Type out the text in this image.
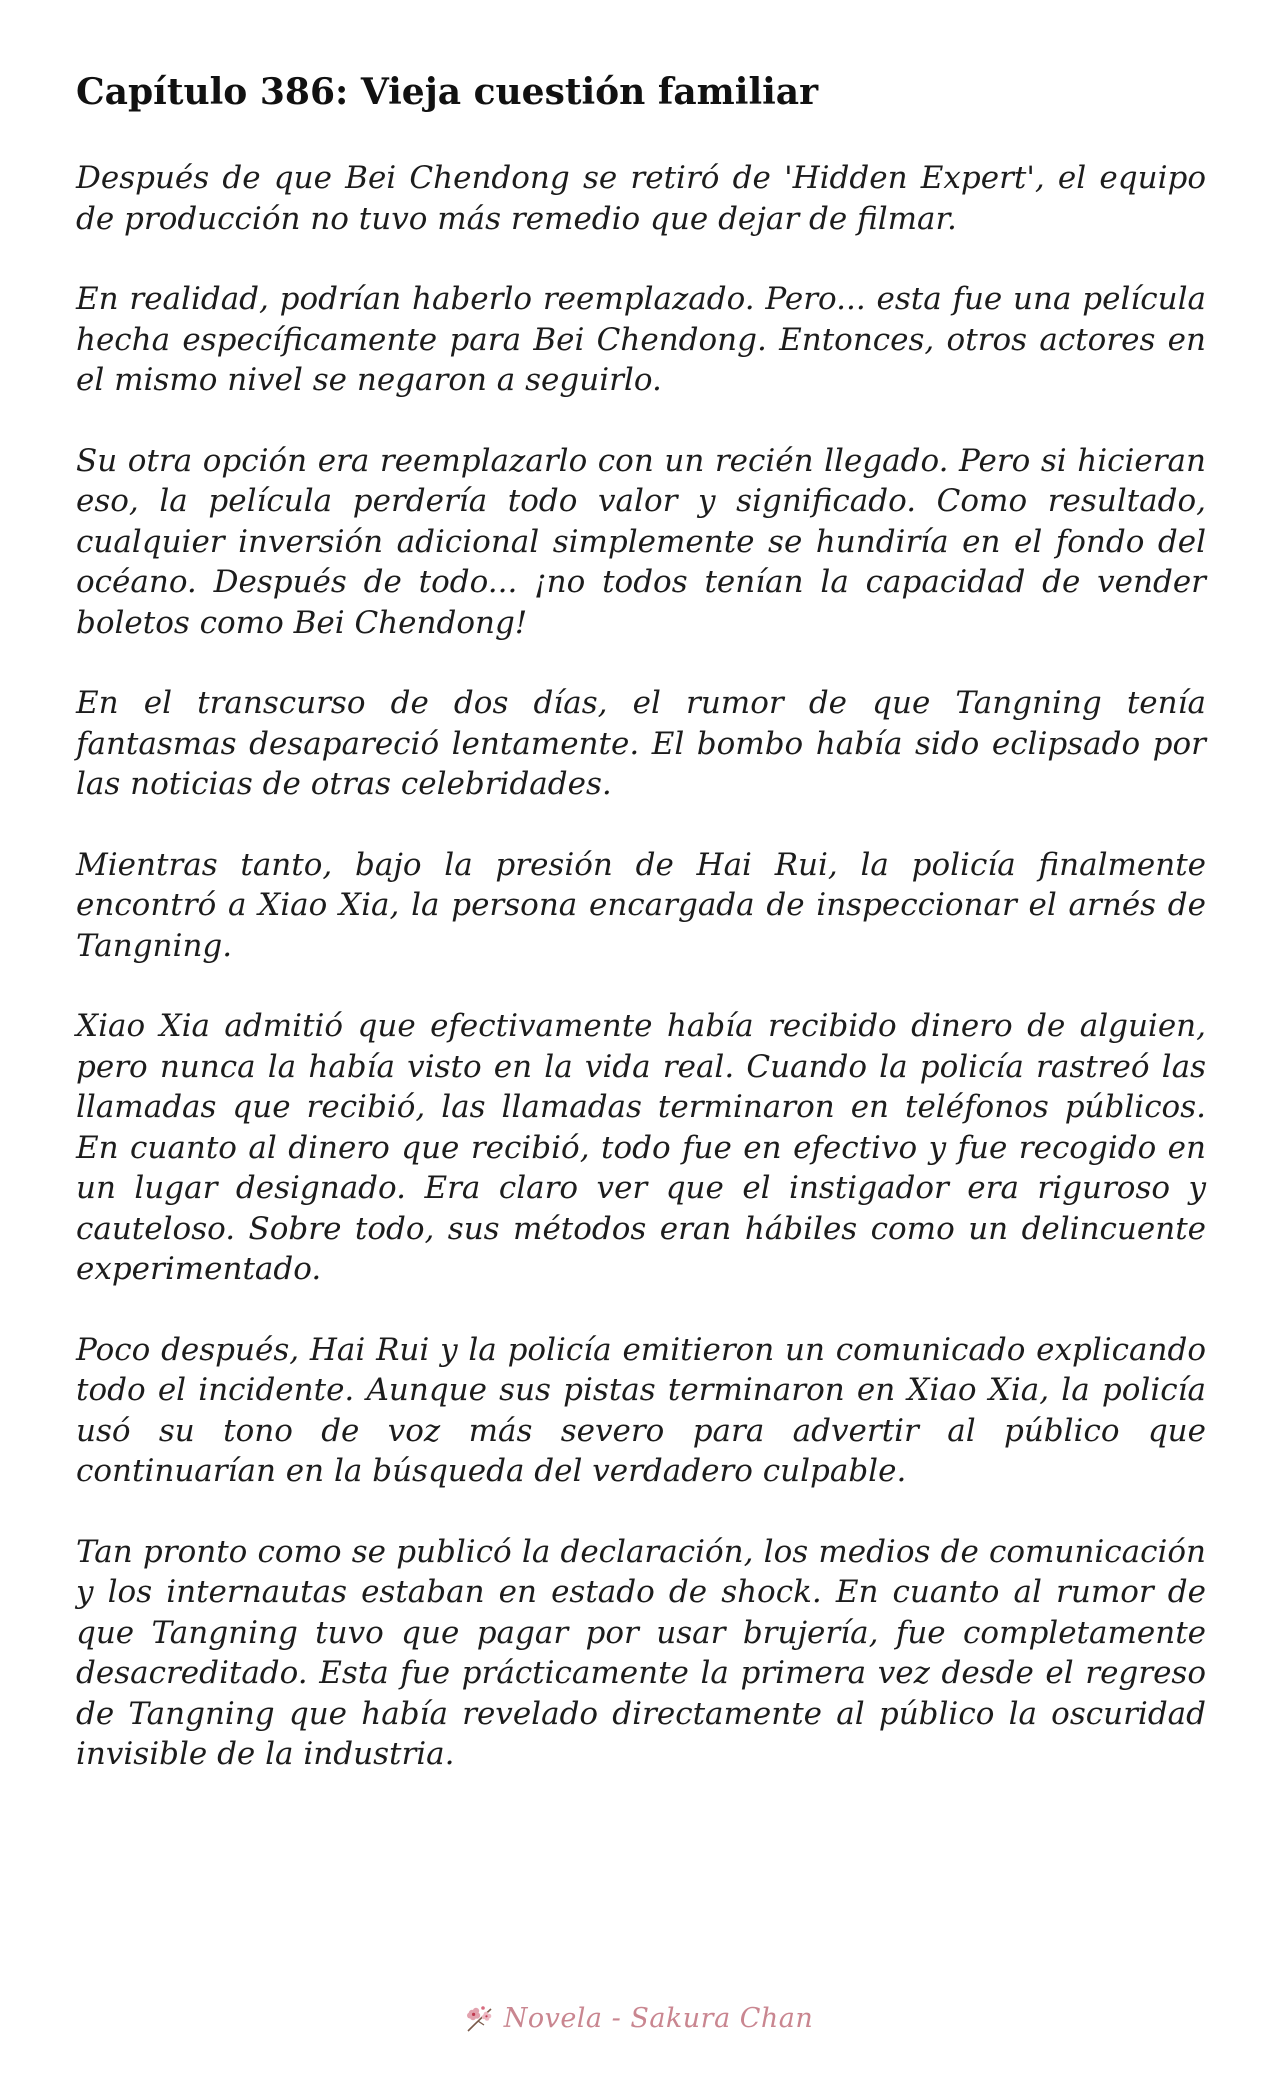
Capítulo 386: Vieja cuestión familiar

Después de que Bei Chendong se retiró de 'Hidden Expert', el equipo de producción no tuvo más remedio que dejar de filmar.

En realidad, podrían haberlo reemplazado. Pero... esta fue una película hecha específicamente para Bei Chendong. Entonces, otros actores en el mismo nivel se negaron a seguirlo.

Su otra opción era reemplazarlo con un recién llegado. Pero si hicieran eso, la película perdería todo valor y significado. Como resultado, cualquier inversión adicional simplemente se hundiría en el fondo del océano. Después de todo... ¡no todos tenían la capacidad de vender boletos como Bei Chendong!

En el transcurso de dos días, el rumor de que Tangning tenía fantasmas desapareció lentamente. El bombo había sido eclipsado por las noticias de otras celebridades.

Mientras tanto, bajo la presión de Hai Rui, la policía finalmente encontró a Xiao Xia, la persona encargada de inspeccionar el arnés de Tangning.

Xiao Xia admitió que efectivamente había recibido dinero de alguien, pero nunca la había visto en la vida real. Cuando la policía rastreó las llamadas que recibió, las llamadas terminaron en teléfonos públicos. En cuanto al dinero que recibió, todo fue en efectivo y fue recogido en un lugar designado. Era claro ver que el instigador era riguroso y cauteloso. Sobre todo, sus métodos eran hábiles como un delincuente experimentado.

Poco después, Hai Rui y la policía emitieron un comunicado explicando todo el incidente. Aunque sus pistas terminaron en Xiao Xia, la policía usó su tono de voz más severo para advertir al público que continuarían en la búsqueda del verdadero culpable.

Tan pronto como se publicó la declaración, los medios de comunicación y los internautas estaban en estado de shock. En cuanto al rumor de que Tangning tuvo que pagar por usar brujería, fue completamente desacreditado. Esta fue prácticamente la primera vez desde el regreso de Tangning que había revelado directamente al público la oscuridad invisible de la industria.

Novela - Sakura Chan
